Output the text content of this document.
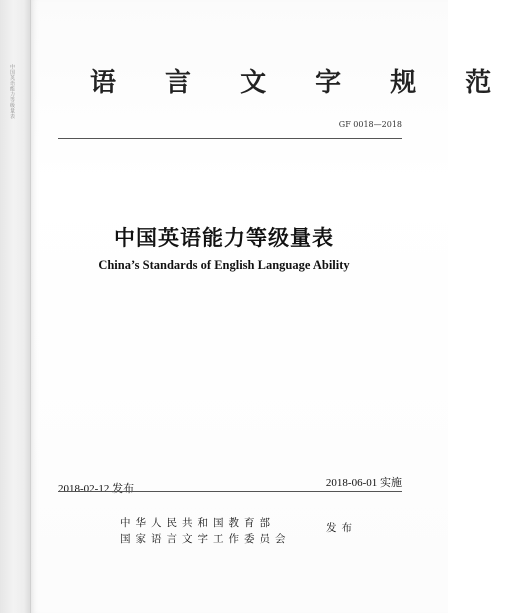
中国英语能力等级量表	语 言 文 字 规 范
GF 0018—2018
中国英语能力等级量表
China’s Standards of English Language Ability
2018-02-12 发布	2018-06-01 实施
中华人民共和国教育部
国家语言文字工作委员会
发布
